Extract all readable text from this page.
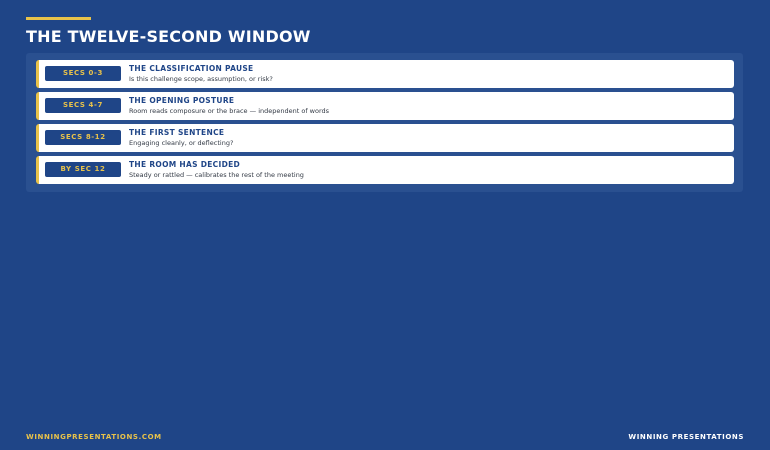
THE TWELVE-SECOND WINDOW
SECS 0-3	THE CLASSIFICATION PAUSE
Is this challenge scope, assumption, or risk?
SECS 4-7	THE OPENING POSTURE
Room reads composure or the brace — independent of words
SECS 8-12	THE FIRST SENTENCE
Engaging cleanly, or deflecting?
BY SEC 12	THE ROOM HAS DECIDED
Steady or rattled — calibrates the rest of the meeting
WINNINGPRESENTATIONS.COM	WINNING PRESENTATIONS
